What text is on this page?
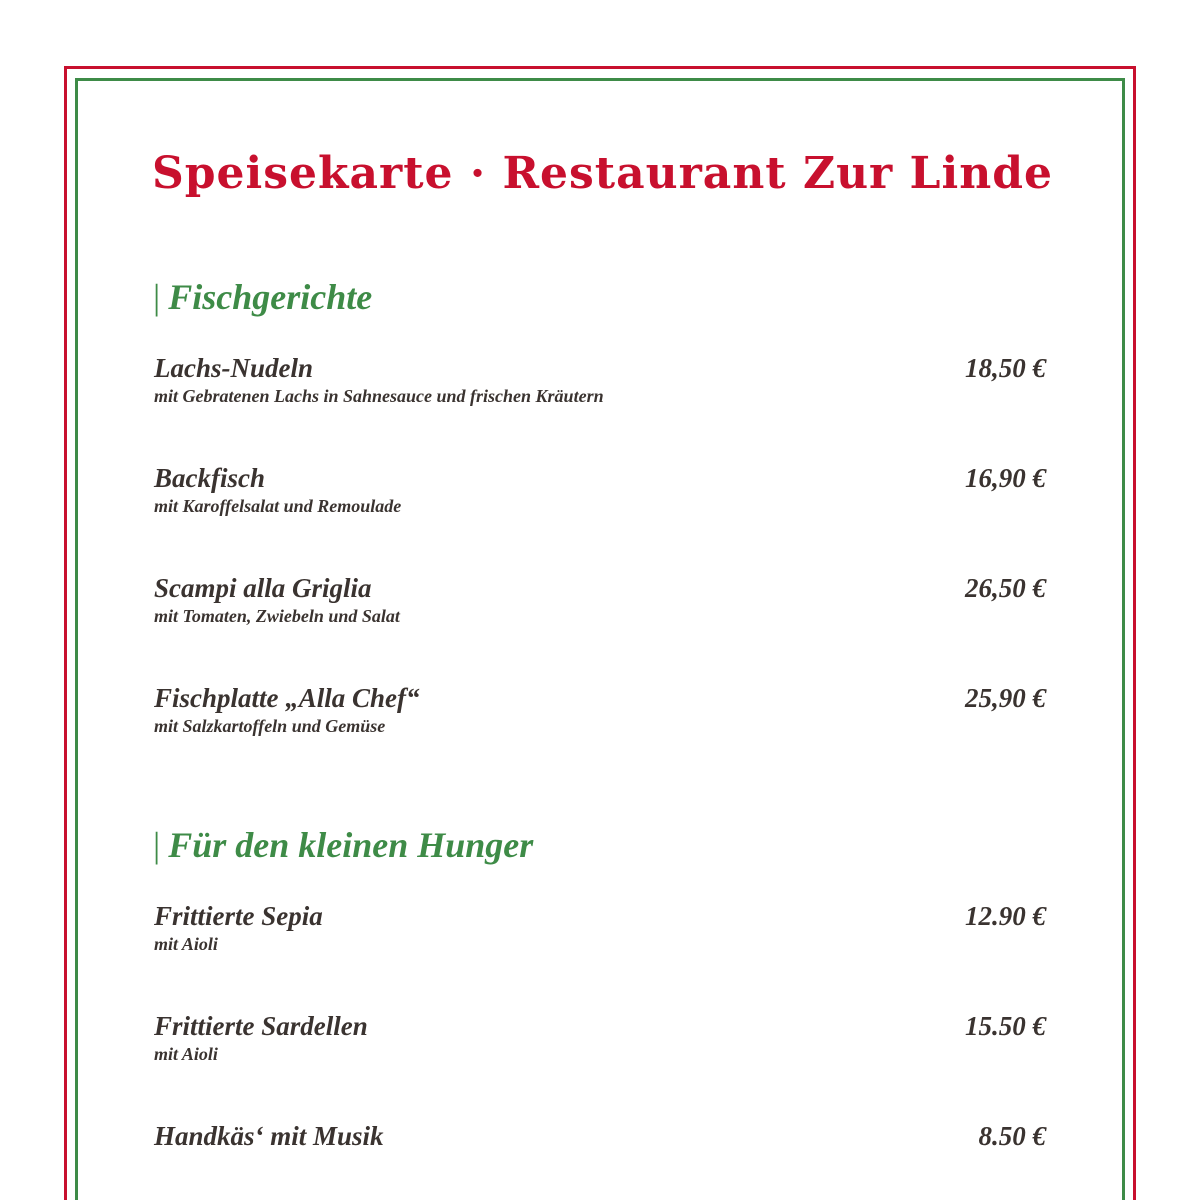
Speisekarte · Restaurant Zur Linde
| Fischgerichte
Lachs-Nudeln
mit Gebratenen Lachs in Sahnesauce und frischen Kräutern
18,50 €
Backfisch
mit Karoffelsalat und Remoulade
16,90 €
Scampi alla Griglia
mit Tomaten, Zwiebeln und Salat
26,50 €
Fischplatte „Alla Chef“
mit Salzkartoffeln und Gemüse
25,90 €
| Für den kleinen Hunger
Frittierte Sepia
mit Aioli
12.90 €
Frittierte Sardellen
mit Aioli
15.50 €
Handkäs‘ mit Musik	8.50 €
